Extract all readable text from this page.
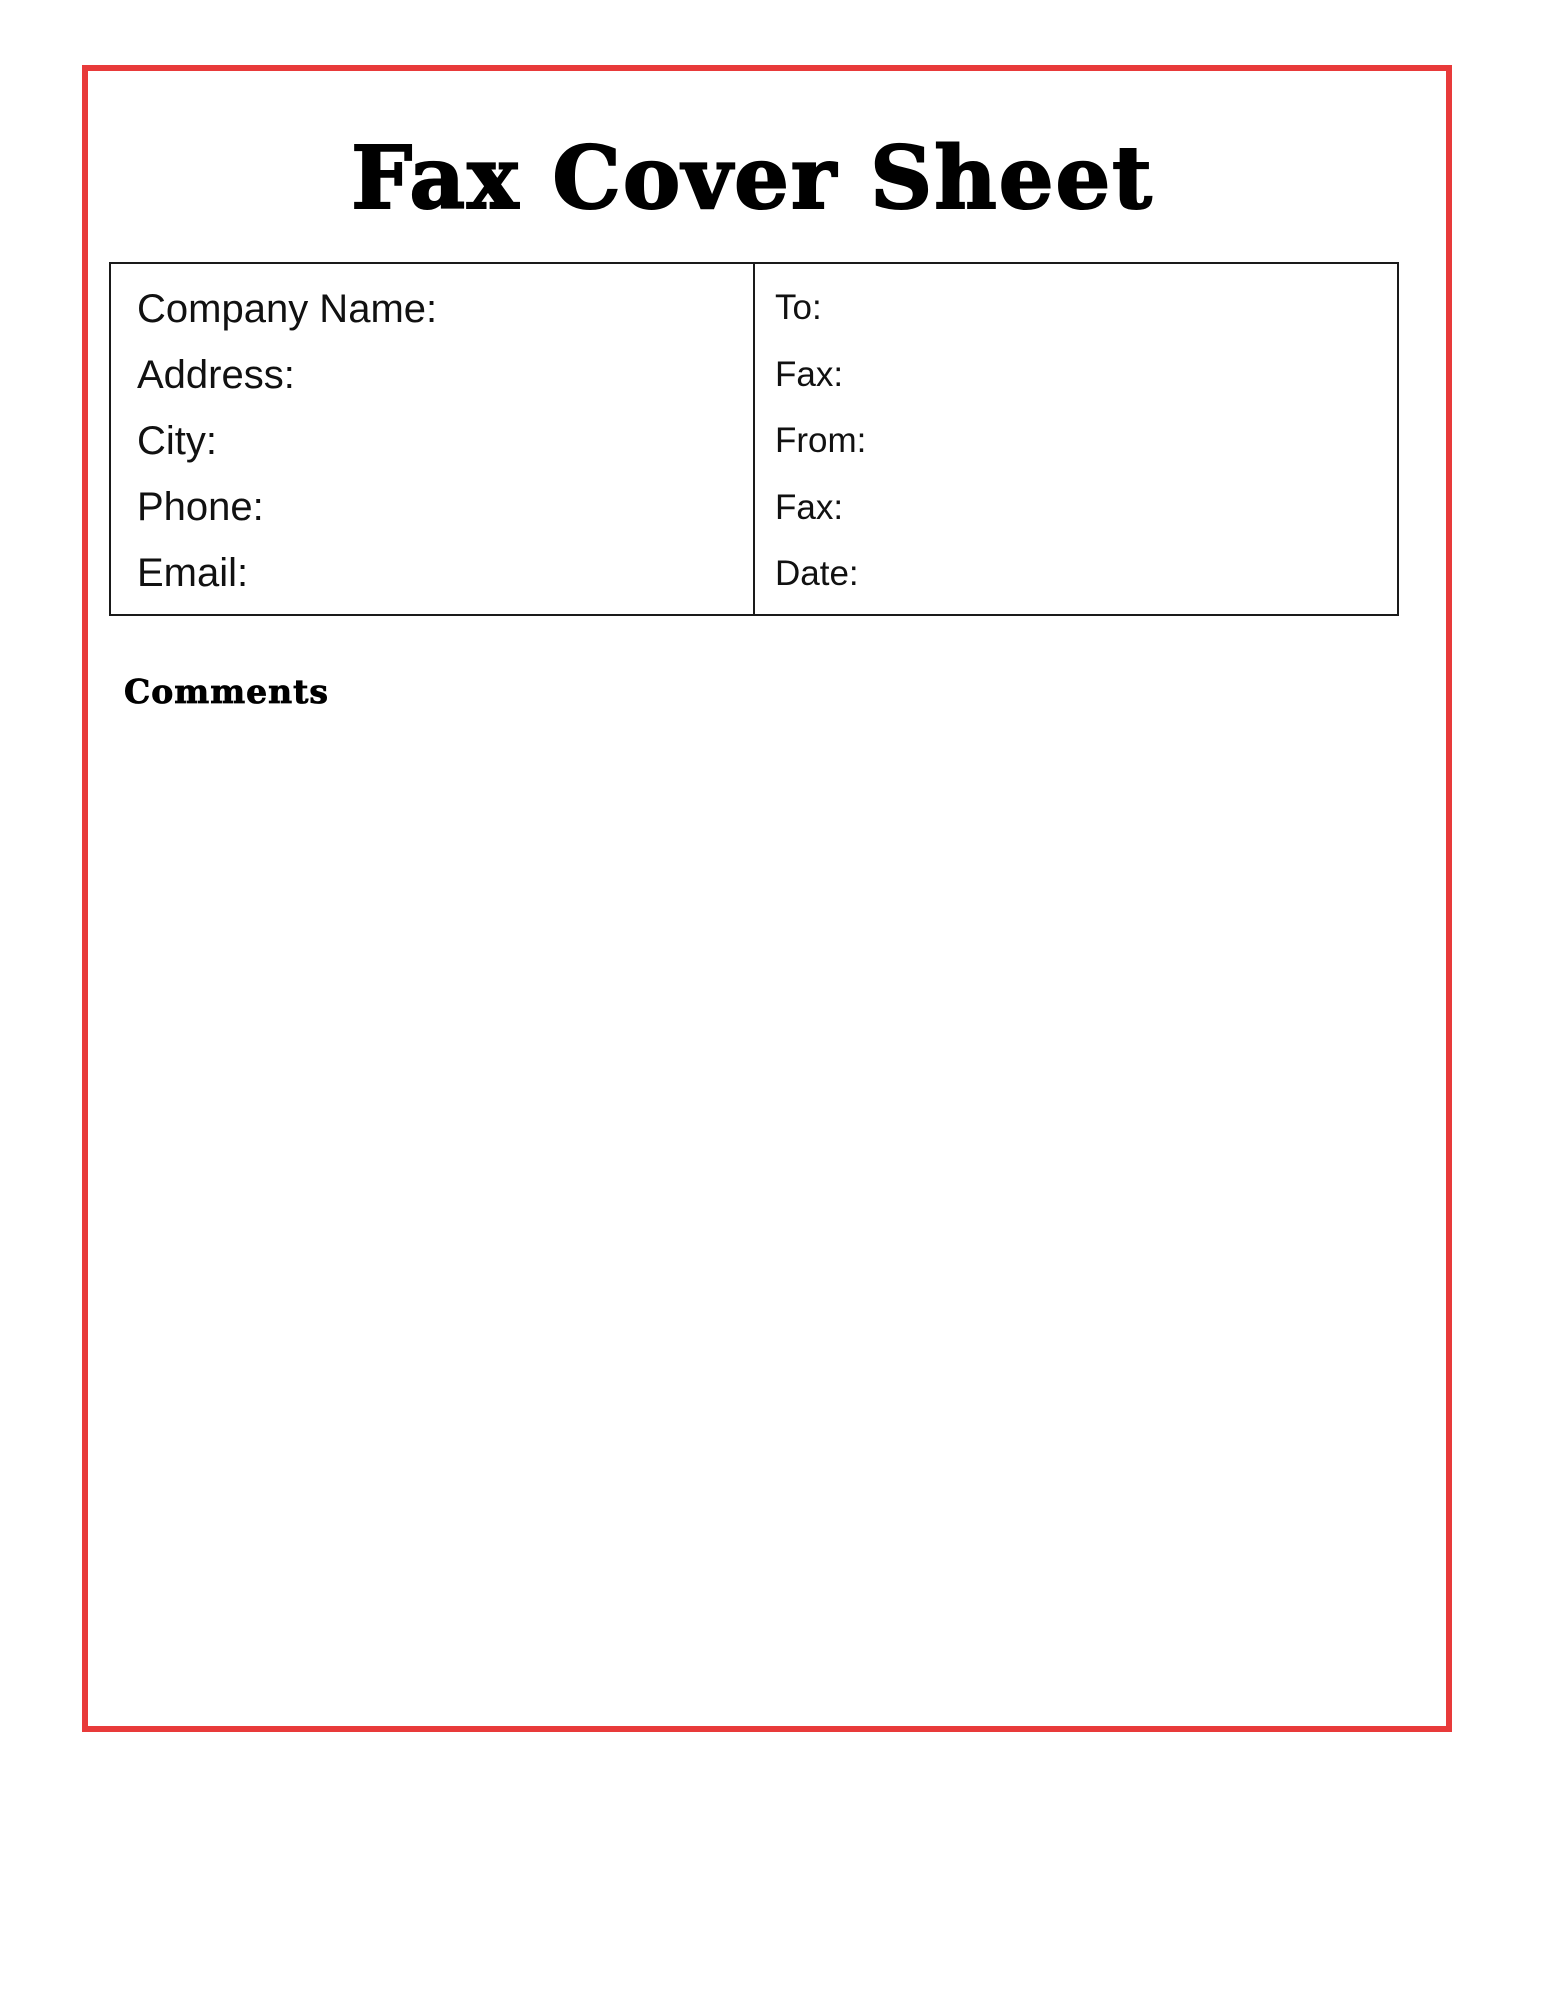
Fax Cover Sheet
Company Name:
Address:
City:
Phone:
Email:
To:
Fax:
From:
Fax:
Date:
Comments
